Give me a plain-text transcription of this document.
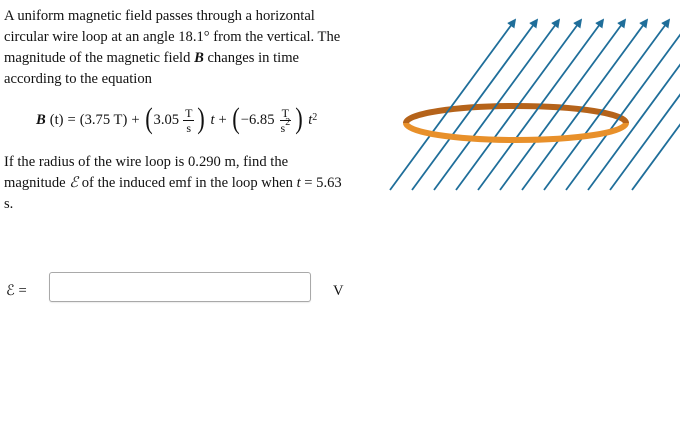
A uniform magnetic field passes through a horizontal circular wire loop at an angle 18.1° from the vertical. The magnitude of the magnetic field B changes in time according to the equation

B (t) = (3.75 T) + ( $3.05 \frac{T}{s}$ ) t + ( $-6.85 \frac{T}{s^2}$ ) $t^2$

If the radius of the wire loop is 0.290 m, find the magnitude ℰ of the induced emf in the loop when t = 5.63 s.

ℰ =	V
